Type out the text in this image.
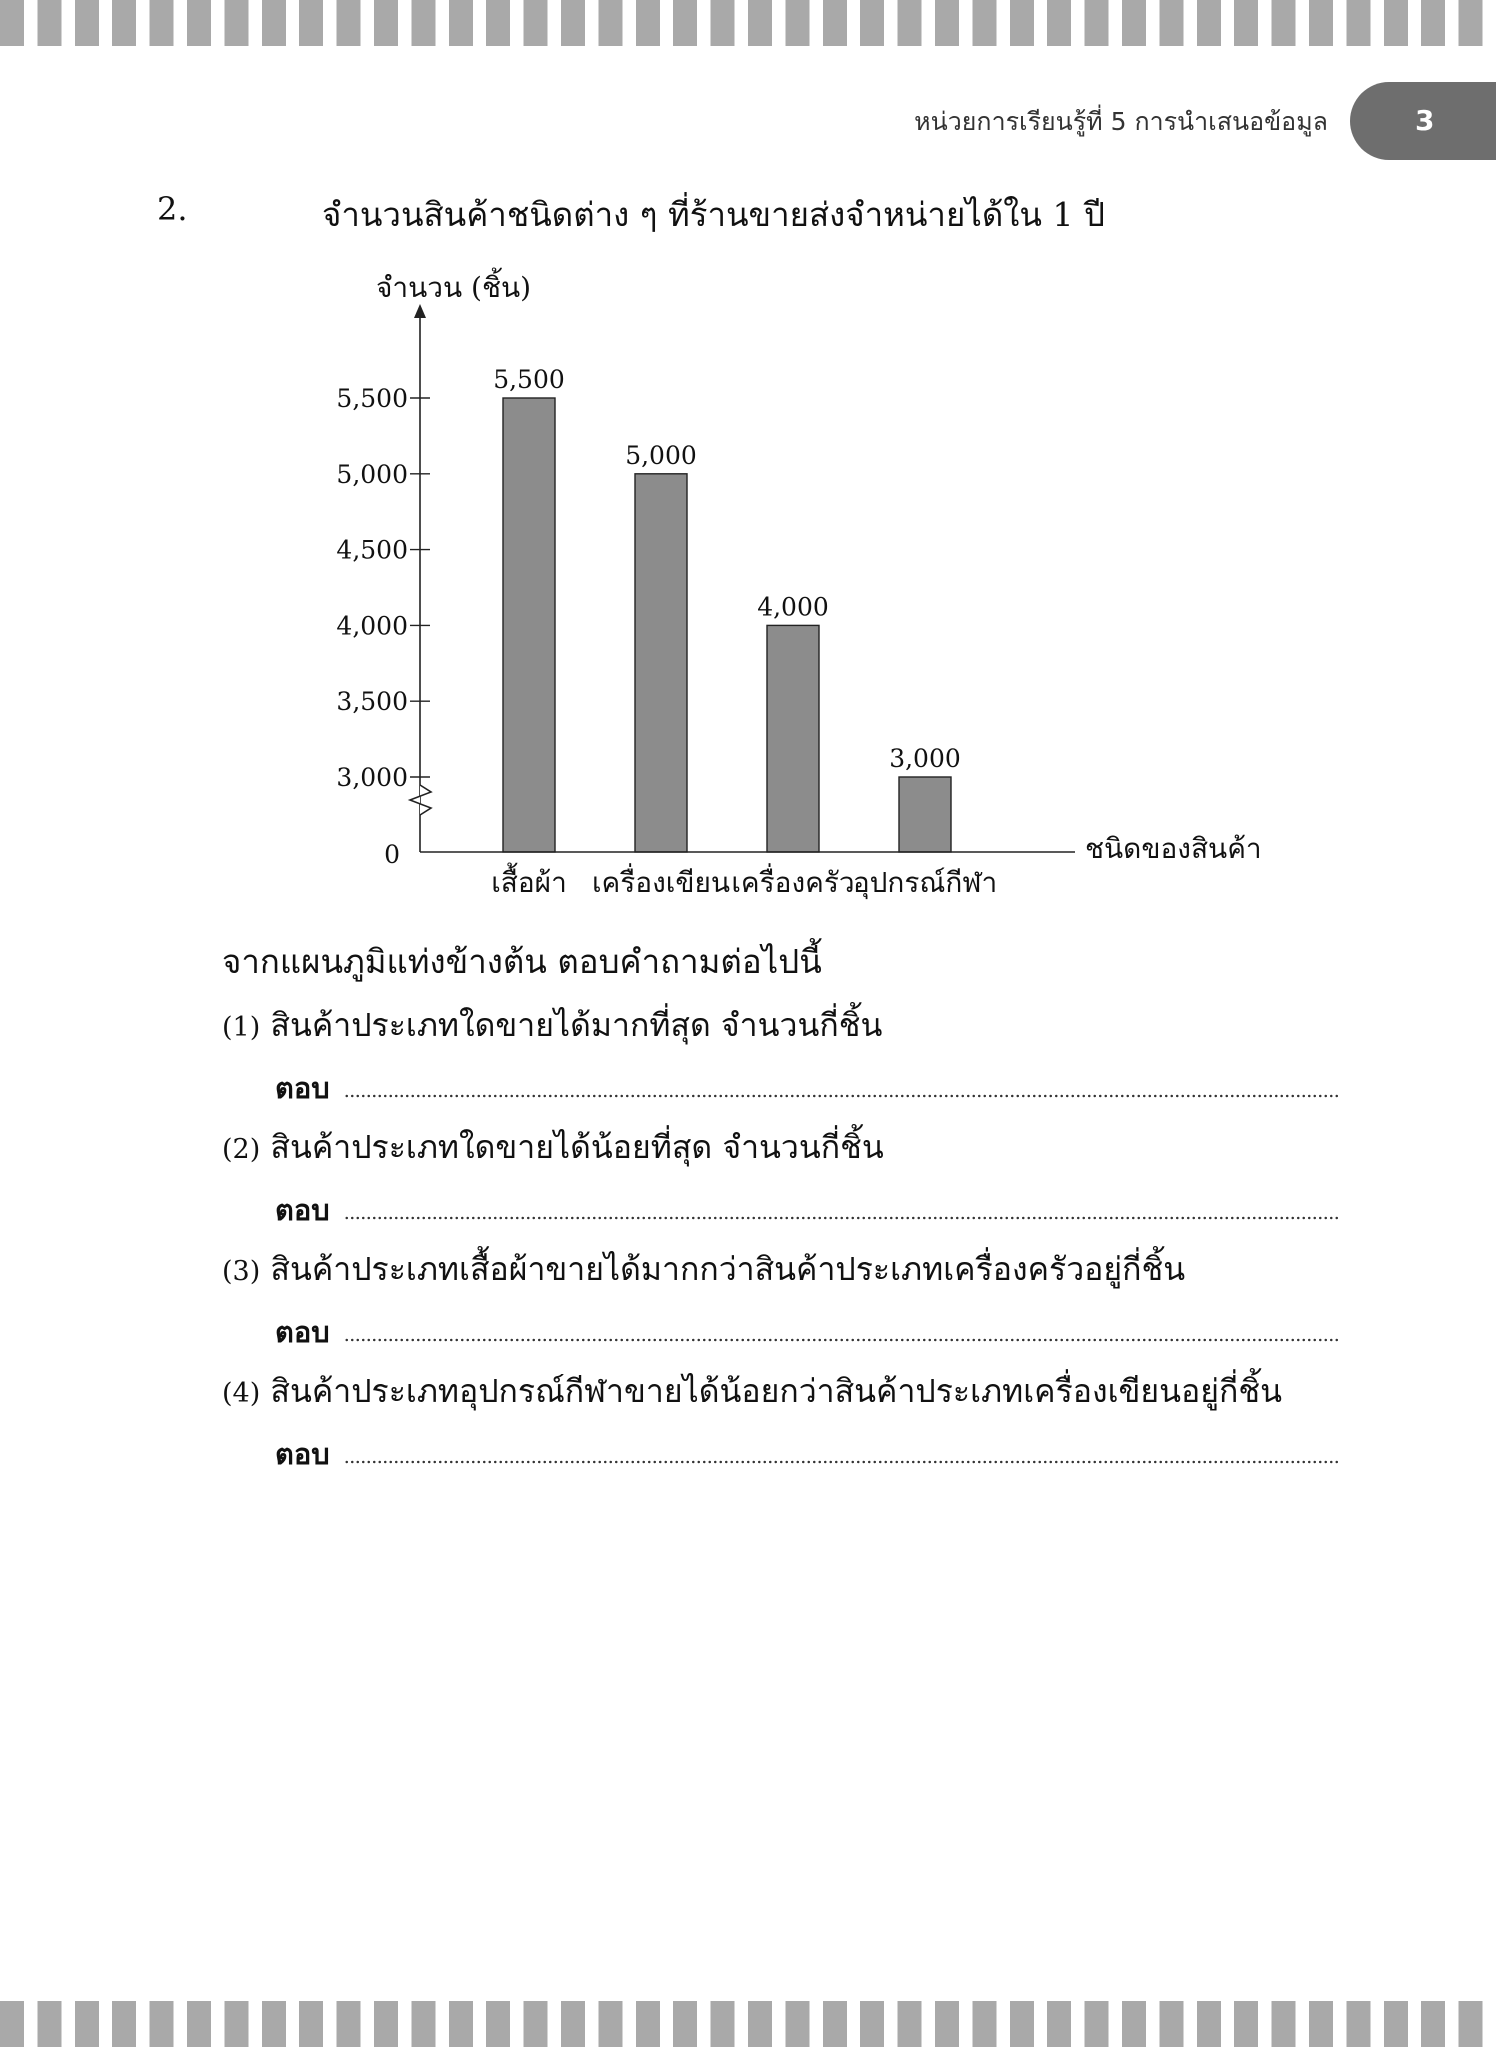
หน่วยการเรียนรู้ที่ 5 การนำเสนอข้อมูล	3
2.	จำนวนสินค้าชนิดต่าง ๆ ที่ร้านขายส่งจำหน่ายได้ใน 1 ปี
3,000
3,500
4,000
4,500
5,000
5,500
5,500
เสื้อผ้า
5,000
เครื่องเขียน
4,000
เครื่องครัว
3,000
อุปกรณ์กีฬา
จำนวน (ชิ้น)
ชนิดของสินค้า
0
จากแผนภูมิแท่งข้างต้น ตอบคำถามต่อไปนี้
(1) สินค้าประเภทใดขายได้มากที่สุด จำนวนกี่ชิ้น
ตอบ
(2) สินค้าประเภทใดขายได้น้อยที่สุด จำนวนกี่ชิ้น
ตอบ
(3) สินค้าประเภทเสื้อผ้าขายได้มากกว่าสินค้าประเภทเครื่องครัวอยู่กี่ชิ้น
ตอบ
(4) สินค้าประเภทอุปกรณ์กีฬาขายได้น้อยกว่าสินค้าประเภทเครื่องเขียนอยู่กี่ชิ้น
ตอบ
